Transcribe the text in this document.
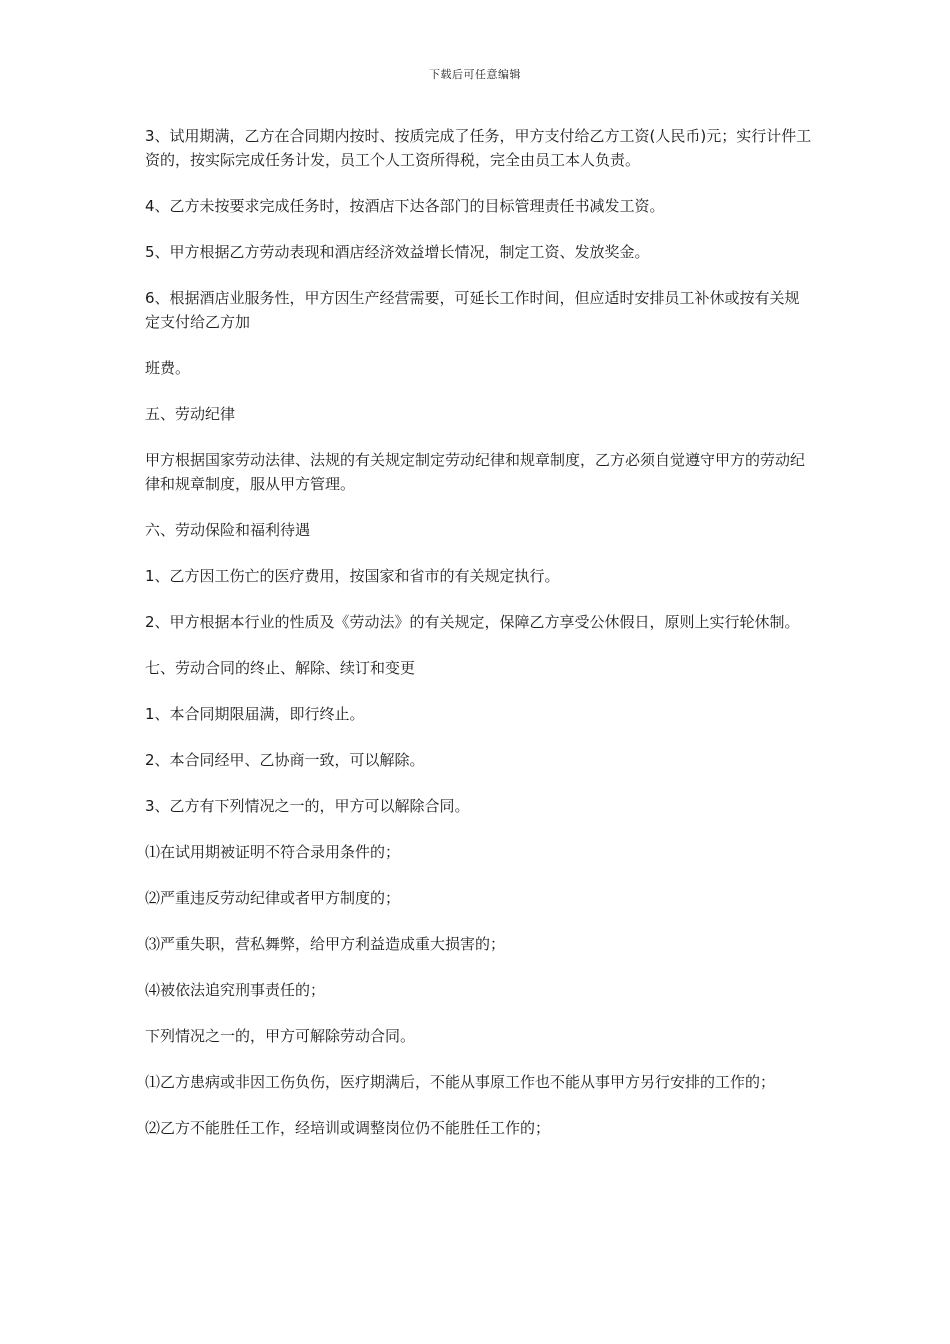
下载后可任意编辑

3、试用期满，乙方在合同期内按时、按质完成了任务，甲方支付给乙方工资(人民币)元；实行计件工资的，按实际完成任务计发，员工个人工资所得税，完全由员工本人负责。

4、乙方未按要求完成任务时，按酒店下达各部门的目标管理责任书减发工资。

5、甲方根据乙方劳动表现和酒店经济效益增长情况，制定工资、发放奖金。

6、根据酒店业服务性，甲方因生产经营需要，可延长工作时间，但应适时安排员工补休或按有关规定支付给乙方加

班费。

五、劳动纪律

甲方根据国家劳动法律、法规的有关规定制定劳动纪律和规章制度，乙方必须自觉遵守甲方的劳动纪律和规章制度，服从甲方管理。

六、劳动保险和福利待遇

1、乙方因工伤亡的医疗费用，按国家和省市的有关规定执行。

2、甲方根据本行业的性质及《劳动法》的有关规定，保障乙方享受公休假日，原则上实行轮休制。

七、劳动合同的终止、解除、续订和变更

1、本合同期限届满，即行终止。

2、本合同经甲、乙协商一致，可以解除。

3、乙方有下列情况之一的，甲方可以解除合同。

⑴在试用期被证明不符合录用条件的；

⑵严重违反劳动纪律或者甲方制度的；

⑶严重失职，营私舞弊，给甲方利益造成重大损害的；

⑷被依法追究刑事责任的；

下列情况之一的，甲方可解除劳动合同。

⑴乙方患病或非因工伤负伤，医疗期满后，不能从事原工作也不能从事甲方另行安排的工作的；

⑵乙方不能胜任工作，经培训或调整岗位仍不能胜任工作的；
